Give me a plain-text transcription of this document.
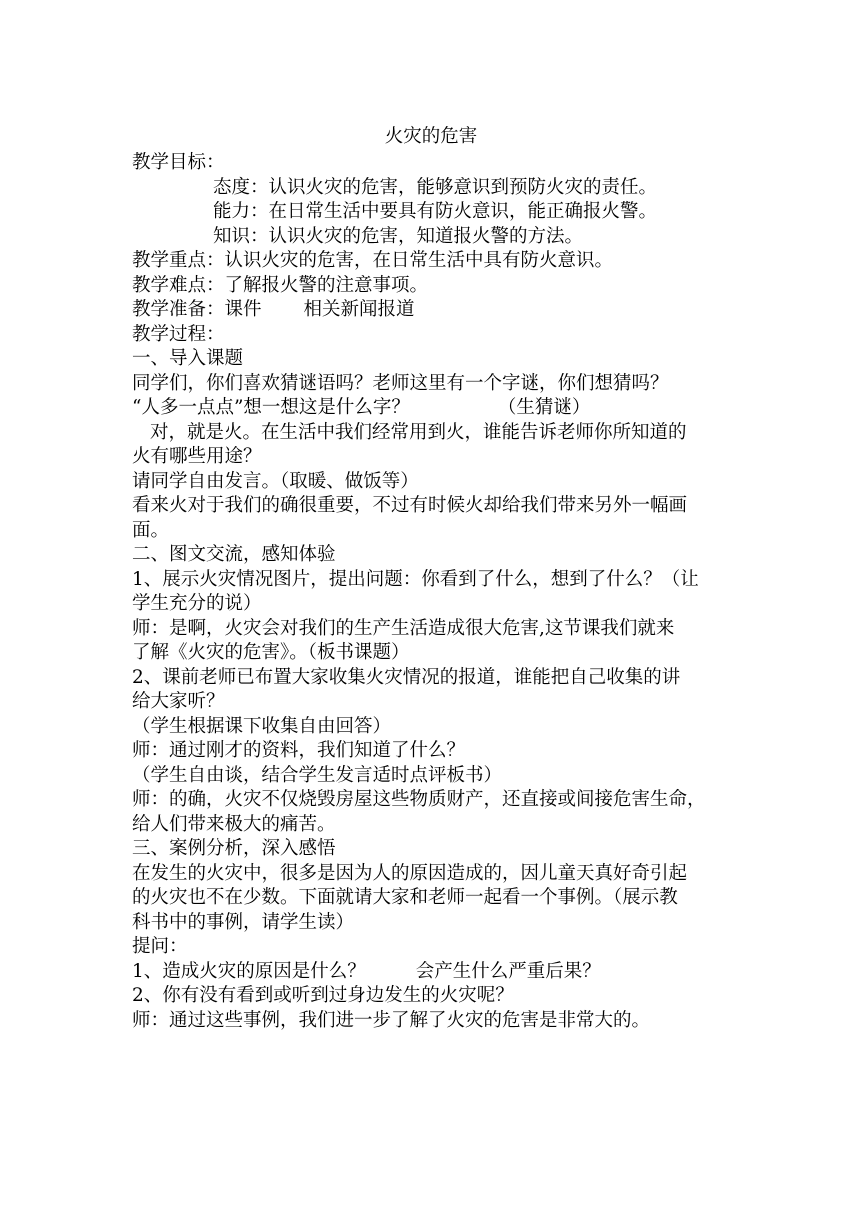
火灾的危害
教学目标：
态度：认识火灾的危害，能够意识到预防火灾的责任。
能力：在日常生活中要具有防火意识，能正确报火警。
知识：认识火灾的危害，知道报火警的方法。
教学重点：认识火灾的危害，在日常生活中具有防火意识。
教学难点：了解报火警的注意事项。
教学准备：课件 相关新闻报道
教学过程：
一、导入课题
同学们，你们喜欢猜谜语吗？老师这里有一个字谜，你们想猜吗？
“人多一点点”想一想这是什么字？	（生猜谜）
对，就是火。在生活中我们经常用到火，谁能告诉老师你所知道的
火有哪些用途？
请同学自由发言。（取暖、做饭等）
看来火对于我们的确很重要，不过有时候火却给我们带来另外一幅画
面。
二、图文交流，感知体验
1、展示火灾情况图片，提出问题：你看到了什么，想到了什么？（让
学生充分的说）
师：是啊，火灾会对我们的生产生活造成很大危害,这节课我们就来
了解《火灾的危害》。（板书课题）
2、课前老师已布置大家收集火灾情况的报道，谁能把自己收集的讲
给大家听？
（学生根据课下收集自由回答）
师：通过刚才的资料，我们知道了什么？
（学生自由谈，结合学生发言适时点评板书）
师：的确，火灾不仅烧毁房屋这些物质财产，还直接或间接危害生命，
给人们带来极大的痛苦。
三、案例分析，深入感悟
在发生的火灾中，很多是因为人的原因造成的，因儿童天真好奇引起
的火灾也不在少数。下面就请大家和老师一起看一个事例。（展示教
科书中的事例，请学生读）
提问：
1、造成火灾的原因是什么？	会产生什么严重后果？
2、你有没有看到或听到过身边发生的火灾呢？
师：通过这些事例，我们进一步了解了火灾的危害是非常大的。
